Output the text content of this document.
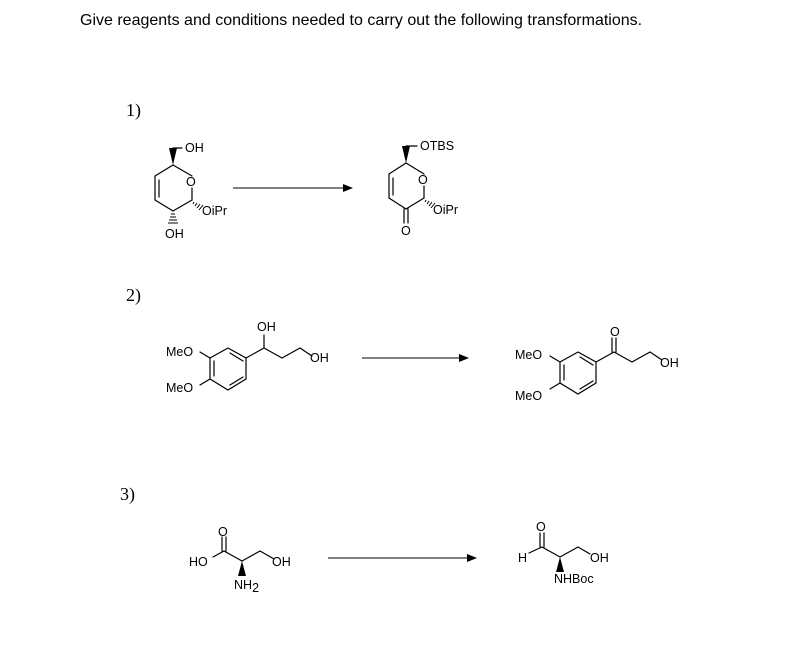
Give reagents and conditions needed to carry out the following transformations.
1)
2)
3)
OH
O
OiPr
OH
OTBS
O
OiPr
O
MeO
MeO
OH
OH	MeO
MeO
O
OH
O
HO
NH2
OH
O
H
NHBoc
OH
